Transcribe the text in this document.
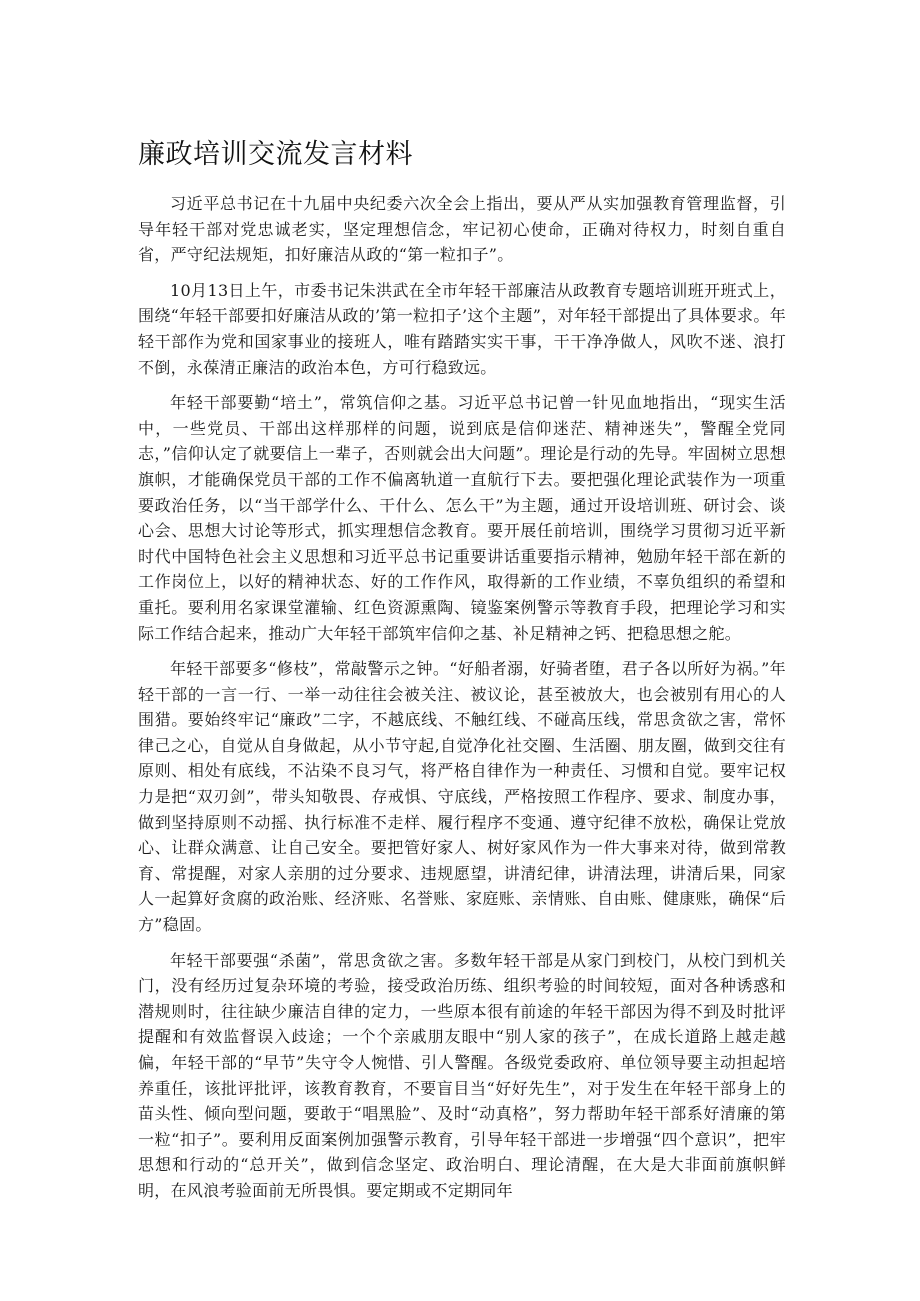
廉政培训交流发言材料

习近平总书记在十九届中央纪委六次全会上指出，要从严从实加强教育管理监督，引导年轻干部对党忠诚老实，坚定理想信念，牢记初心使命，正确对待权力，时刻自重自省，严守纪法规矩，扣好廉洁从政的“第一粒扣子”。

10月13日上午，市委书记朱洪武在全市年轻干部廉洁从政教育专题培训班开班式上，围绕“年轻干部要扣好廉洁从政的’第一粒扣子’这个主题”，对年轻干部提出了具体要求。年轻干部作为党和国家事业的接班人，唯有踏踏实实干事，干干净净做人，风吹不迷、浪打不倒，永葆清正廉洁的政治本色，方可行稳致远。

年轻干部要勤“培土”，常筑信仰之基。习近平总书记曾一针见血地指出，“现实生活中，一些党员、干部出这样那样的问题，说到底是信仰迷茫、精神迷失”，警醒全党同志，”信仰认定了就要信上一辈子，否则就会出大问题”。理论是行动的先导。牢固树立思想旗帜，才能确保党员干部的工作不偏离轨道一直航行下去。要把强化理论武装作为一项重要政治任务，以“当干部学什么、干什么、怎么干”为主题，通过开设培训班、研讨会、谈心会、思想大讨论等形式，抓实理想信念教育。要开展任前培训，围绕学习贯彻习近平新时代中国特色社会主义思想和习近平总书记重要讲话重要指示精神，勉励年轻干部在新的工作岗位上，以好的精神状态、好的工作作风，取得新的工作业绩，不辜负组织的希望和重托。要利用名家课堂灌输、红色资源熏陶、镜鉴案例警示等教育手段，把理论学习和实际工作结合起来，推动广大年轻干部筑牢信仰之基、补足精神之钙、把稳思想之舵。

年轻干部要多“修枝”，常敲警示之钟。“好船者溺，好骑者堕，君子各以所好为祸。”年轻干部的一言一行、一举一动往往会被关注、被议论，甚至被放大，也会被别有用心的人围猎。要始终牢记“廉政”二字，不越底线、不触红线、不碰高压线，常思贪欲之害，常怀律己之心，自觉从自身做起，从小节守起,自觉净化社交圈、生活圈、朋友圈，做到交往有原则、相处有底线，不沾染不良习气，将严格自律作为一种责任、习惯和自觉。要牢记权力是把“双刃剑”，带头知敬畏、存戒惧、守底线，严格按照工作程序、要求、制度办事，做到坚持原则不动摇、执行标准不走样、履行程序不变通、遵守纪律不放松，确保让党放心、让群众满意、让自己安全。要把管好家人、树好家风作为一件大事来对待，做到常教育、常提醒，对家人亲朋的过分要求、违规愿望，讲清纪律，讲清法理，讲清后果，同家人一起算好贪腐的政治账、经济账、名誉账、家庭账、亲情账、自由账、健康账，确保“后方”稳固。

年轻干部要强“杀菌”，常思贪欲之害。多数年轻干部是从家门到校门，从校门到机关门，没有经历过复杂环境的考验，接受政治历练、组织考验的时间较短，面对各种诱惑和潜规则时，往往缺少廉洁自律的定力，一些原本很有前途的年轻干部因为得不到及时批评提醒和有效监督误入歧途；一个个亲戚朋友眼中“别人家的孩子”，在成长道路上越走越偏，年轻干部的“早节”失守令人惋惜、引人警醒。各级党委政府、单位领导要主动担起培养重任，该批评批评，该教育教育，不要盲目当“好好先生”，对于发生在年轻干部身上的苗头性、倾向型问题，要敢于“唱黑脸”、及时“动真格”，努力帮助年轻干部系好清廉的第一粒“扣子”。要利用反面案例加强警示教育，引导年轻干部进一步增强“四个意识”，把牢思想和行动的“总开关”，做到信念坚定、政治明白、理论清醒，在大是大非面前旗帜鲜明，在风浪考验面前无所畏惧。要定期或不定期同年
